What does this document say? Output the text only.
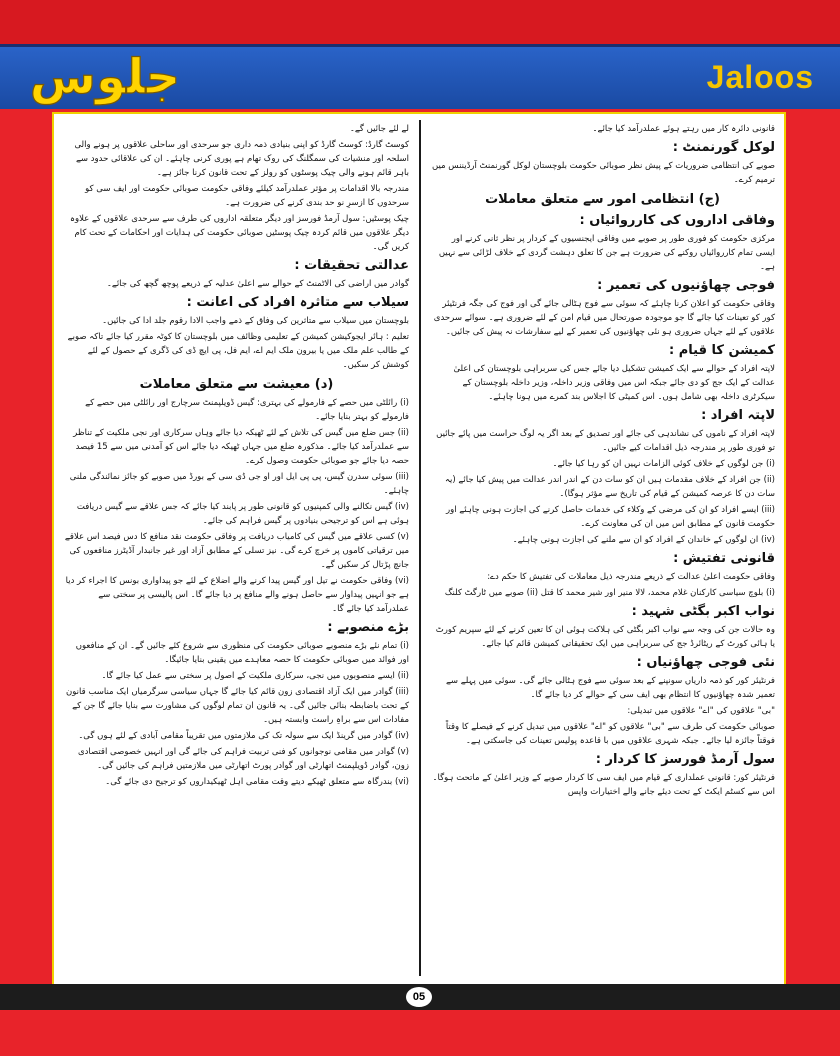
جلوس	Jaloos
قانونی دائرہ کار میں رہتے ہوئے عملدرآمد کیا جائے۔
لوکل گورنمنٹ :
صوبے کی انتظامی ضروریات کے پیش نظر صوبائی حکومت بلوچستان لوکل گورنمنٹ آرڈیننس میں ترمیم کرے۔
(ج) انتظامی امور سے متعلق معاملات
وفاقی اداروں کی کارروائیاں :
مرکزی حکومت کو فوری طور پر صوبے میں وفاقی ایجنسیوں کے کردار پر نظر ثانی کرنے اور ایسی تمام کارروائیاں روکنے کی ضرورت ہے جن کا تعلق دہشت گردی کے خلاف لڑائی سے نہیں ہے۔
فوجی چھاؤنیوں کی تعمیر :
وفاقی حکومت کو اعلان کرنا چاہئے کہ سوئی سے فوج ہٹالی جائے گی اور فوج کی جگہ فرنٹیئر کور کو تعینات کیا جائے گا جو موجودہ صورتحال میں قیام امن کے لئے ضروری ہے۔ سوائے سرحدی علاقوں کے لئے جہاں ضروری ہو نئی چھاؤنیوں کی تعمیر کے لیے سفارشات نہ پیش کی جائیں۔
کمیشن کا قیام :
لاپتہ افراد کے حوالے سے ایک کمیشن تشکیل دیا جائے جس کی سربراہی بلوچستان کی اعلیٰ عدالت کے ایک جج کو دی جائے جبکہ اس میں وفاقی وزیر داخلہ، وزیر داخلہ بلوچستان کے سیکرٹری داخلہ بھی شامل ہوں۔ اس کمیٹی کا اجلاس بند کمرے میں ہونا چاہئے۔
لاپتہ افراد :
لاپتہ افراد کے ناموں کی نشاندہی کی جائے اور تصدیق کے بعد اگر یہ لوگ حراست میں پائے جائیں تو فوری طور پر مندرجہ ذیل اقدامات کیے جائیں۔
(i) جن لوگوں کے خلاف کوئی الزامات نہیں ان کو رہا کیا جائے۔
(ii) جن افراد کے خلاف مقدمات ہیں ان کو سات دن کے اندر اندر عدالت میں پیش کیا جائے (یہ سات دن کا عرصہ کمیشن کے قیام کی تاریخ سے مؤثر ہوگا)۔
(iii) ایسے افراد کو ان کی مرضی کے وکلاء کی خدمات حاصل کرنے کی اجازت ہونی چاہئے اور حکومت قانون کے مطابق اس میں ان کی معاونت کرے۔
(iv) ان لوگوں کے خاندان کے افراد کو ان سے ملنے کی اجازت ہونی چاہئے۔
قانونی تفتیش :
وفاقی حکومت اعلیٰ عدالت کے ذریعے مندرجہ ذیل معاملات کی تفتیش کا حکم دے:
(i) بلوچ سیاسی کارکنان غلام محمد، لالا منیر اور شیر محمد کا قتل (ii) صوبے میں ٹارگٹ کلنگ
نواب اکبر بگٹی شہید :
وہ حالات جن کی وجہ سے نواب اکبر بگٹی کی ہلاکت ہوئی ان کا تعین کرنے کے لئے سپریم کورٹ یا ہائی کورٹ کے ریٹائرڈ جج کی سربراہی میں ایک تحقیقاتی کمیشن قائم کیا جائے۔
نئی فوجی چھاؤنیاں :
فرنٹیئر کور کو ذمہ داریاں سونپنے کے بعد سوئی سے فوج ہٹالی جائے گی۔ سوئی میں پہلے سے تعمیر شدہ چھاؤنیوں کا انتظام بھی ایف سی کے حوالے کر دیا جائے گا۔
"بی" علاقوں کی "اے" علاقوں میں تبدیلی:
صوبائی حکومت کی طرف سے "بی" علاقوں کو "اے" علاقوں میں تبدیل کرنے کے فیصلے کا وقتاً فوقتاً جائزہ لیا جائے۔ جبکہ شہری علاقوں میں با قاعدہ پولیس تعینات کی جاسکتی ہے۔
سول آرمڈ فورسز کا کردار :
فرنٹیئر کور: قانونی عملداری کے قیام میں ایف سی کا کردار صوبے کے وزیر اعلیٰ کے ماتحت ہوگا۔ اس سے کسٹم ایکٹ کے تحت دیئے جانے والے اختیارات واپس
لے لئے جائیں گے۔
کوسٹ گارڈ: کوسٹ گارڈ کو اپنی بنیادی ذمہ داری جو سرحدی اور ساحلی علاقوں پر ہونے والی اسلحہ اور منشیات کی سمگلنگ کی روک تھام ہے پوری کرنی چاہئے۔ ان کی علاقائی حدود سے باہر قائم ہونے والی چیک پوسٹوں کو رولز کے تحت قانون کرنا جائز ہے۔
مندرجہ بالا اقدامات پر مؤثر عملدرآمد کیلئے وفاقی حکومت صوبائی حکومت اور ایف سی کو سرحدوں کا ازسرِ نو حد بندی کرنے کی ضرورت ہے۔
چیک پوسٹیں: سول آرمڈ فورسز اور دیگر متعلقہ اداروں کی طرف سے سرحدی علاقوں کے علاوہ دیگر علاقوں میں قائم کردہ چیک پوسٹیں صوبائی حکومت کی ہدایات اور احکامات کے تحت کام کریں گی۔
عدالتی تحقیقات :
گوادر میں اراضی کی الاٹمنٹ کے حوالے سے اعلیٰ عدلیہ کے ذریعے پوچھ گچھ کی جائے۔
سیلاب سے متاثرہ افراد کی اعانت :
بلوچستان میں سیلاب سے متاثرین کی وفاق کے ذمے واجب الادا رقوم جلد ادا کی جائیں۔
تعلیم : ہائر ایجوکیشن کمیشن کے تعلیمی وظائف میں بلوچستان کا کوٹہ مقرر کیا جائے تاکہ صوبے کے طالب علم ملک میں یا بیرون ملک ایم اے، ایم فل، پی ایچ ڈی کی ڈگری کے حصول کے لئے کوشش کر سکیں۔
(د) معیشت سے متعلق معاملات
(i) رائلٹی میں حصے کے فارمولے کی بہتری: گیس ڈویلپمنٹ سرچارج اور رائلٹی میں حصے کے فارمولے کو بہتر بنایا جائے۔
(ii) جس ضلع میں گیس کی تلاش کے لئے ٹھیکہ دیا جائے وہاں سرکاری اور نجی ملکیت کے تناظر سے عملدرآمد کیا جائے۔ مذکورہ ضلع میں جہاں ٹھیکہ دیا جائے اس کو آمدنی میں سے 15 فیصد حصہ دیا جائے جو صوبائی حکومت وصول کرے۔
(iii) سوئی سدرن گیس، پی پی ایل اور او جی ڈی سی کے بورڈ میں صوبے کو جائز نمائندگی ملنی چاہئے۔
(iv) گیس نکالنے والی کمپنیوں کو قانونی طور پر پابند کیا جائے کہ جس علاقے سے گیس دریافت ہوئی ہے اس کو ترجیحی بنیادوں پر گیس فراہم کی جائے۔
(v) کسی علاقے میں گیس کی کامیاب دریافت پر وفاقی حکومت نقد منافع کا دس فیصد اس علاقے میں ترقیاتی کاموں پر خرچ کرے گی۔ نیز تسلی کے مطابق آزاد اور غیر جانبدار آڈیٹرز منافعوں کی جانچ پڑتال کر سکیں گے۔
(vi) وفاقی حکومت نے تیل اور گیس پیدا کرنے والے اضلاع کے لئے جو پیداواری بونس کا اجراء کر دیا ہے جو انہیں پیداوار سے حاصل ہونے والے منافع پر دیا جائے گا۔ اس پالیسی پر سختی سے عملدرآمد کیا جائے گا۔
بڑے منصوبے :
(i) تمام نئے بڑے منصوبے صوبائی حکومت کی منظوری سے شروع کئے جائیں گے۔ ان کے منافعوں اور فوائد میں صوبائی حکومت کا حصہ معاہدے میں یقینی بنایا جائیگا۔
(ii) ایسے منصوبوں میں نجی، سرکاری ملکیت کے اصول پر سختی سے عمل کیا جائے گا۔
(iii) گوادر میں ایک آزاد اقتصادی زون قائم کیا جائے گا جہاں سیاسی سرگرمیاں ایک مناسب قانون کے تحت باضابطہ بنائی جائیں گی۔ یہ قانون ان تمام لوگوں کی مشاورت سے بنایا جائے گا جن کے مفادات اس سے براہِ راست وابستہ ہیں۔
(iv) گوادر میں گرینڈ ایک سے سولہ تک کی ملازمتوں میں تقریباً مقامی آبادی کے لئے ہوں گی۔
(v) گوادر میں مقامی نوجوانوں کو فنی تربیت فراہم کی جائے گی اور انہیں خصوصی اقتصادی زون، گوادر ڈویلپمنٹ اتھارٹی اور گوادر پورٹ اتھارٹی میں ملازمتیں فراہم کی جائیں گی۔
(vi) بندرگاہ سے متعلق ٹھیکے دیتے وقت مقامی اہل ٹھیکیداروں کو ترجیح دی جائے گی۔
05
